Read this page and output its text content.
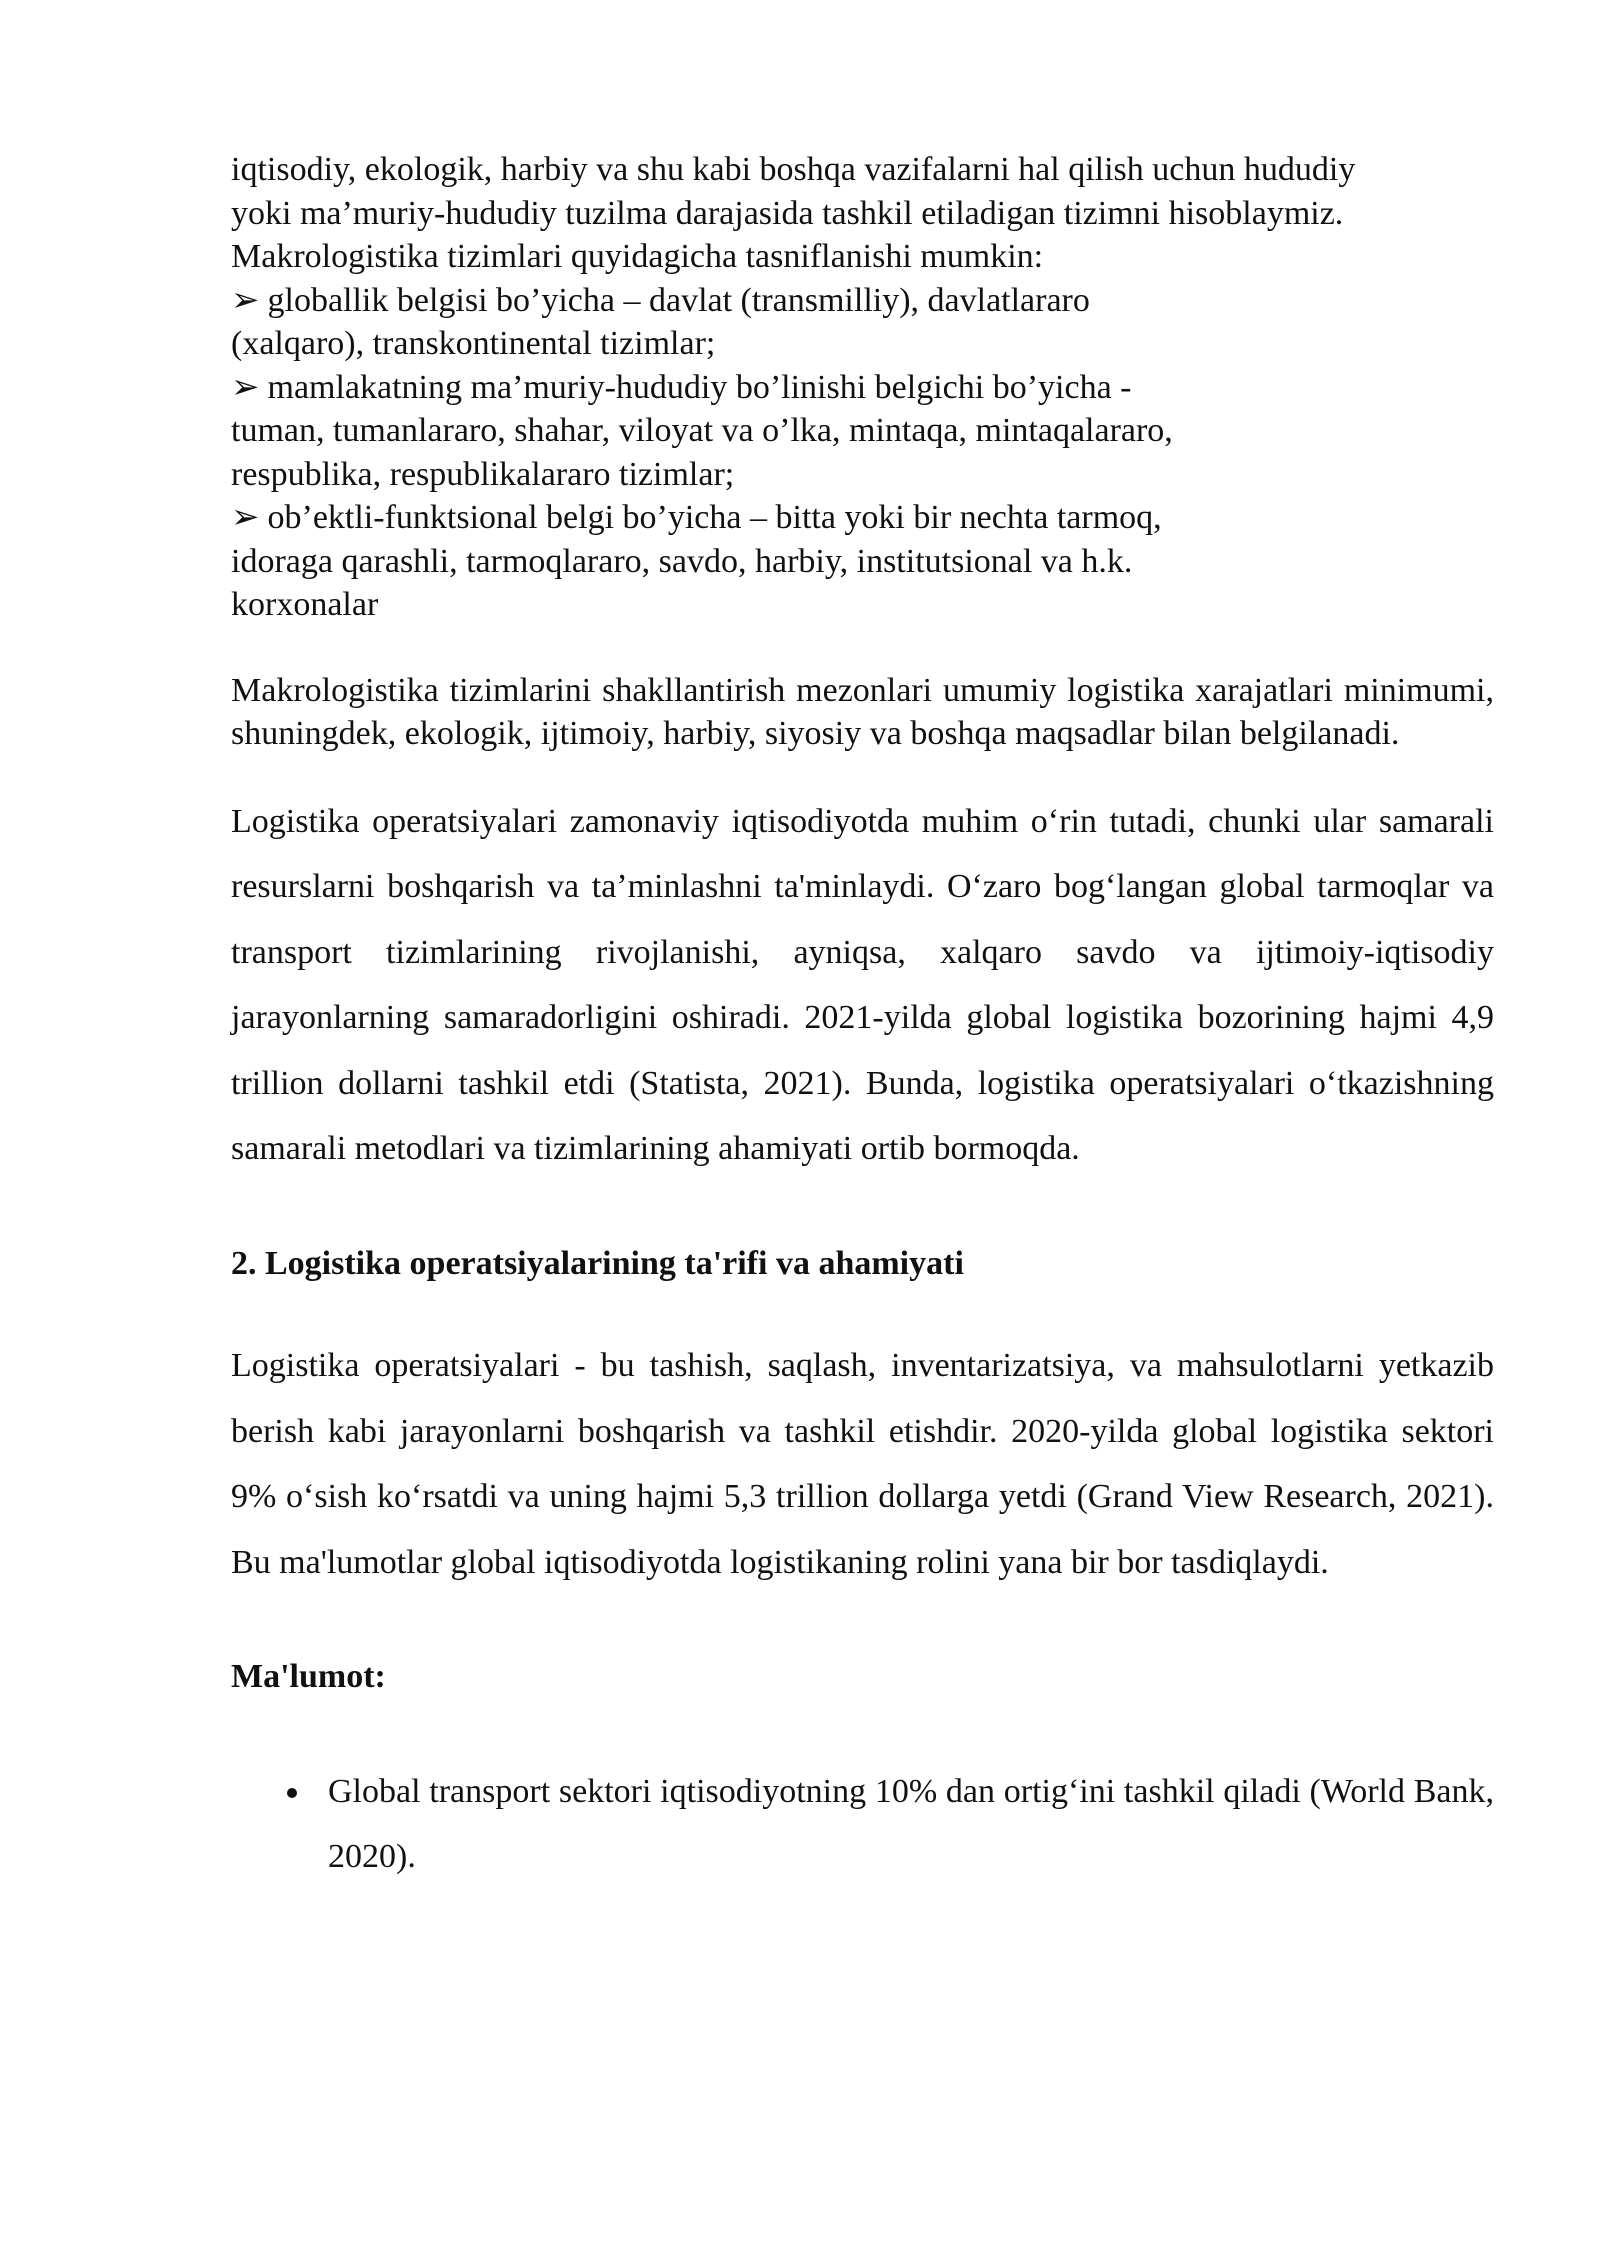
iqtisodiy, ekologik, harbiy va shu kabi boshqa vazifalarni hal qilish uchun hududiy
yoki ma’muriy-hududiy tuzilma darajasida tashkil etiladigan tizimni hisoblaymiz.
Makrologistika tizimlari quyidagicha tasniflanishi mumkin:
➢ globallik belgisi bo’yicha – davlat (transmilliy), davlatlararo
(xalqaro), transkontinental tizimlar;
➢ mamlakatning ma’muriy-hududiy bo’linishi belgichi bo’yicha -
tuman, tumanlararo, shahar, viloyat va o’lka, mintaqa, mintaqalararo,
respublika, respublikalararo tizimlar;
➢ ob’ektli-funktsional belgi bo’yicha – bitta yoki bir nechta tarmoq,
idoraga qarashli, tarmoqlararo, savdo, harbiy, institutsional va h.k.
korxonalar

Makrologistika tizimlarini shakllantirish mezonlari umumiy logistika xarajatlari minimumi, shuningdek, ekologik, ijtimoiy, harbiy, siyosiy va boshqa maqsadlar bilan belgilanadi.

Logistika operatsiyalari zamonaviy iqtisodiyotda muhim o‘rin tutadi, chunki ular samarali resurslarni boshqarish va ta’minlashni ta'minlaydi. O‘zaro bog‘langan global tarmoqlar va transport tizimlarining rivojlanishi, ayniqsa, xalqaro savdo va ijtimoiy-iqtisodiy jarayonlarning samaradorligini oshiradi. 2021-yilda global logistika bozorining hajmi 4,9 trillion dollarni tashkil etdi (Statista, 2021). Bunda, logistika operatsiyalari o‘tkazishning samarali metodlari va tizimlarining ahamiyati ortib bormoqda.

2. Logistika operatsiyalarining ta'rifi va ahamiyati

Logistika operatsiyalari - bu tashish, saqlash, inventarizatsiya, va mahsulotlarni yetkazib berish kabi jarayonlarni boshqarish va tashkil etishdir. 2020-yilda global logistika sektori 9% o‘sish ko‘rsatdi va uning hajmi 5,3 trillion dollarga yetdi (Grand View Research, 2021). Bu ma'lumotlar global iqtisodiyotda logistikaning rolini yana bir bor tasdiqlaydi.

Ma'lumot:
Global transport sektori iqtisodiyotning 10% dan ortig‘ini tashkil qiladi (World Bank, 2020).
